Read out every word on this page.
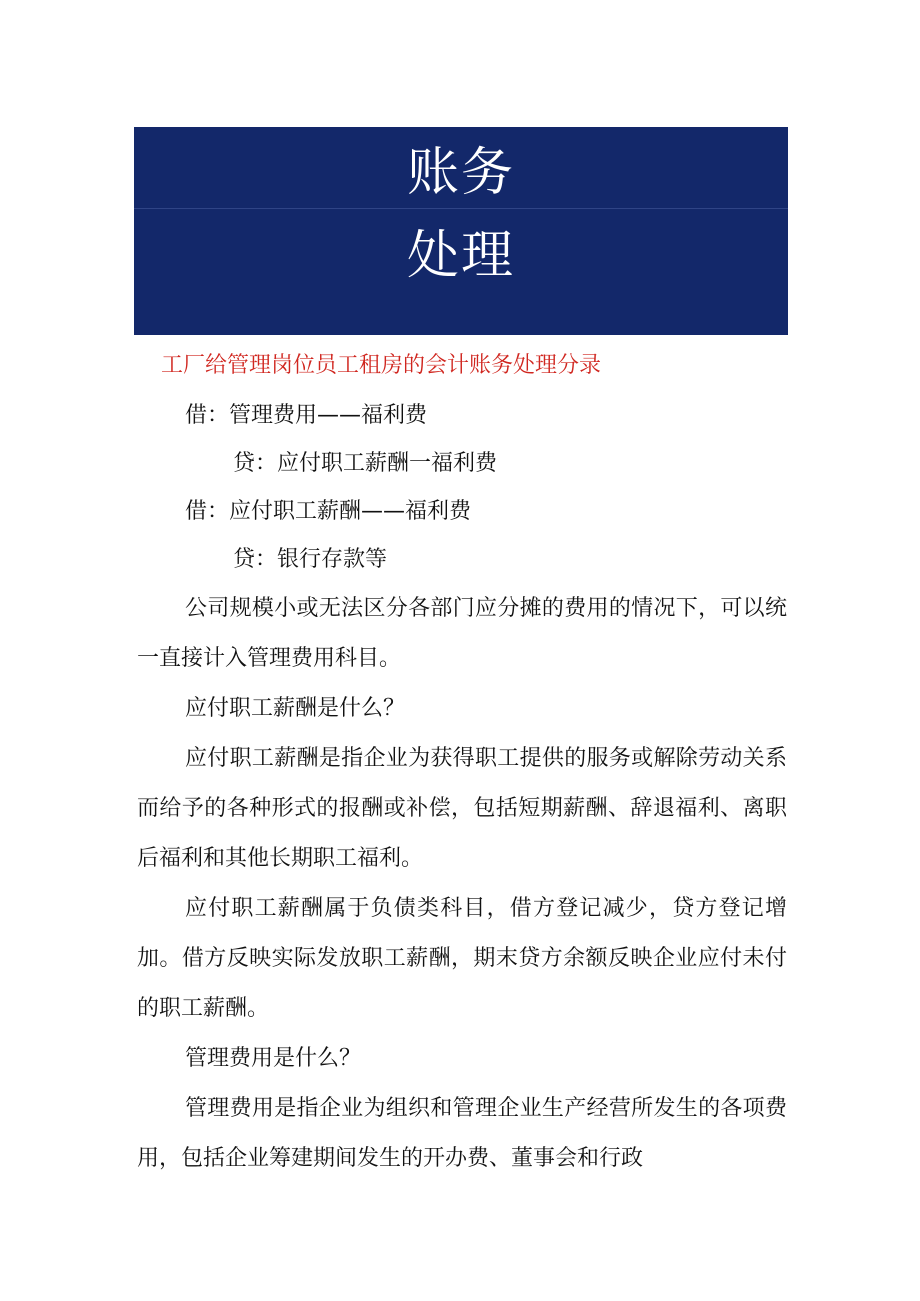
账务
处理
工厂给管理岗位员工租房的会计账务处理分录
借：管理费用——福利费
贷：应付职工薪酬一福利费
借：应付职工薪酬——福利费
贷：银行存款等

公司规模小或无法区分各部门应分摊的费用的情况下，可以统一直接计入管理费用科目。

应付职工薪酬是什么？

应付职工薪酬是指企业为获得职工提供的服务或解除劳动关系而给予的各种形式的报酬或补偿，包括短期薪酬、辞退福利、离职后福利和其他长期职工福利。

应付职工薪酬属于负债类科目，借方登记减少，贷方登记增加。借方反映实际发放职工薪酬，期末贷方余额反映企业应付未付的职工薪酬。

管理费用是什么？

管理费用是指企业为组织和管理企业生产经营所发生的各项费用，包括企业筹建期间发生的开办费、董事会和行政
